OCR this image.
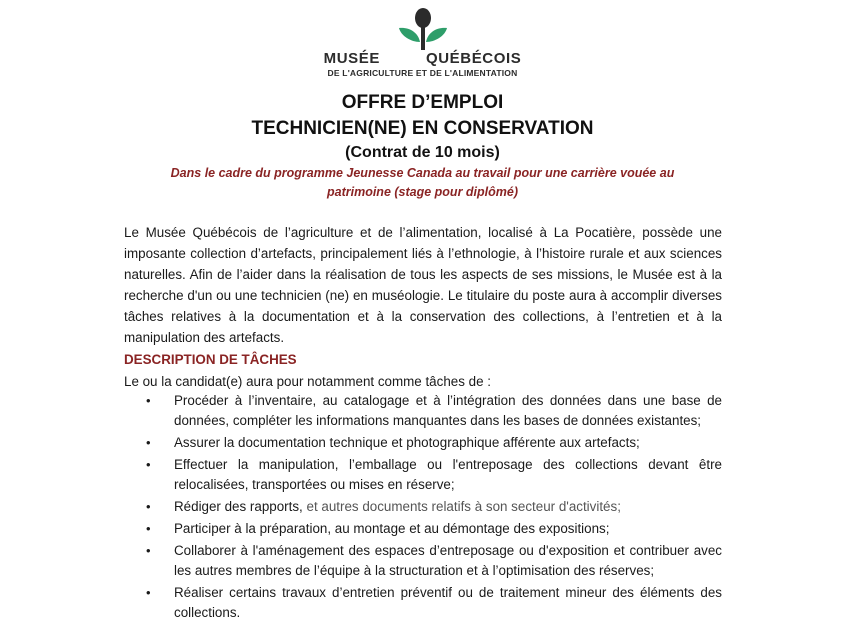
MUSÉE	QUÉBÉCOIS
DE L'AGRICULTURE ET DE L'ALIMENTATION
OFFRE D’EMPLOI
TECHNICIEN(NE) EN CONSERVATION
(Contrat de 10 mois)
Dans le cadre du programme Jeunesse Canada au travail pour une carrière vouée au patrimoine (stage pour diplômé)

Le Musée Québécois de l’agriculture et de l’alimentation, localisé à La Pocatière, possède une imposante collection d’artefacts, principalement liés à l’ethnologie, à l’histoire rurale et aux sciences naturelles. Afin de l’aider dans la réalisation de tous les aspects de ses missions, le Musée est à la recherche d'un ou une technicien (ne) en muséologie. Le titulaire du poste aura à accomplir diverses tâches relatives à la documentation et à la conservation des collections, à l’entretien et à la manipulation des artefacts.

DESCRIPTION DE TÂCHES

Le ou la candidat(e) aura pour notamment comme tâches de :

• Procéder à l’inventaire, au catalogage et à l’intégration des données dans une base de données, compléter les informations manquantes dans les bases de données existantes;
• Assurer la documentation technique et photographique afférente aux artefacts;
• Effectuer la manipulation, l’emballage ou l'entreposage des collections devant être relocalisées, transportées ou mises en réserve;
• Rédiger des rapports, et autres documents relatifs à son secteur d'activités;
• Participer à la préparation, au montage et au démontage des expositions;
• Collaborer à l'aménagement des espaces d’entreposage ou d'exposition et contribuer avec les autres membres de l’équipe à la structuration et à l’optimisation des réserves;
• Réaliser certains travaux d’entretien préventif ou de traitement mineur des éléments des collections.
